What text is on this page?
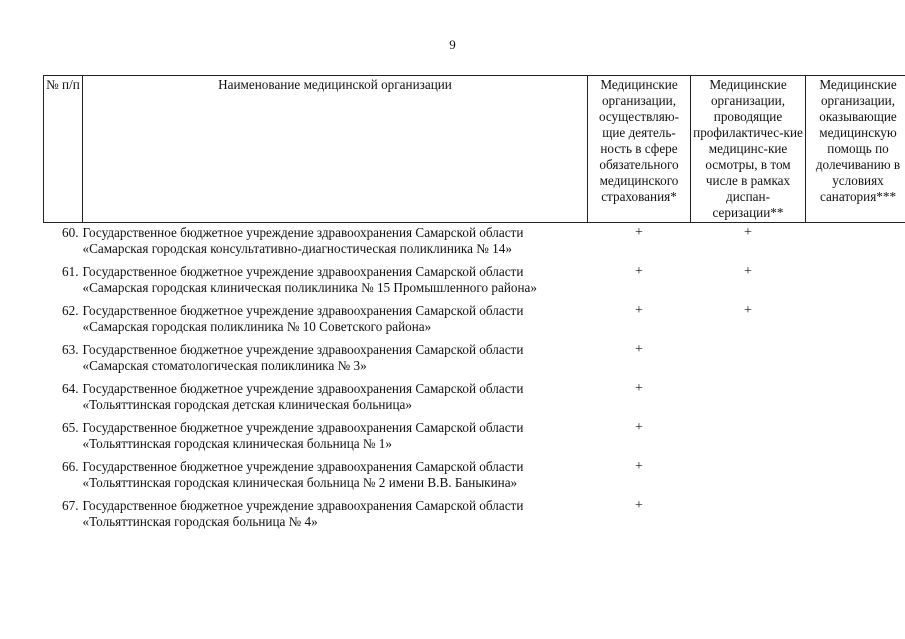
9
№ п/п	Наименование медицинской организации	Медицинские организации, осуществляю-щие деятель-ность в сфере обязательного медицинского страхования*	Медицинские организации, проводящие профилактичес-кие медицинс-кие осмотры, в том числе в рамках диспан-серизации**	Медицинские организации, оказывающие медицинскую помощь по долечиванию в условиях санатория***
60.	Государственное бюджетное учреждение здравоохранения Самарской области «Самарская городская консультативно-диагностическая поликлиника № 14»	+	+	
61.	Государственное бюджетное учреждение здравоохранения Самарской области «Самарская городская клиническая поликлиника № 15 Промышленного района»	+	+	
62.	Государственное бюджетное учреждение здравоохранения Самарской области «Самарская городская поликлиника № 10 Советского района»	+	+	
63.	Государственное бюджетное учреждение здравоохранения Самарской области «Самарская стоматологическая поликлиника № 3»	+		
64.	Государственное бюджетное учреждение здравоохранения Самарской области «Тольяттинская городская детская клиническая больница»	+		
65.	Государственное бюджетное учреждение здравоохранения Самарской области «Тольяттинская городская клиническая больница № 1»	+		
66.	Государственное бюджетное учреждение здравоохранения Самарской области «Тольяттинская городская клиническая больница № 2 имени В.В. Баныкина»	+		
67.	Государственное бюджетное учреждение здравоохранения Самарской области «Тольяттинская городская больница № 4»	+		
